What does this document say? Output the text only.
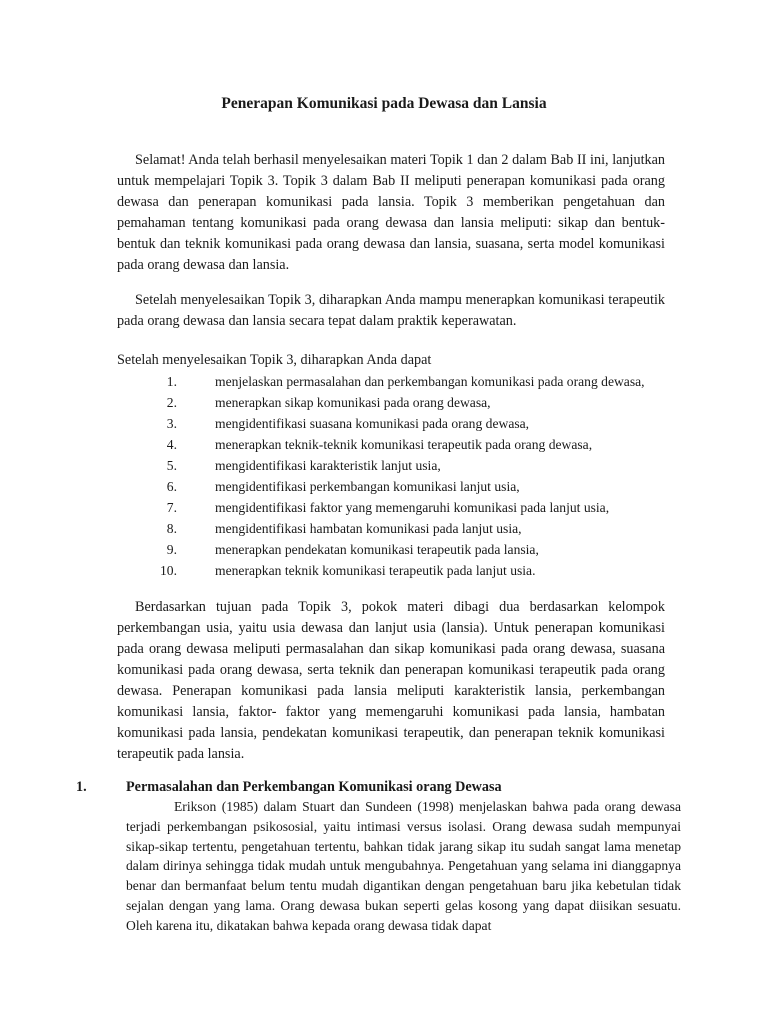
Penerapan Komunikasi pada Dewasa dan Lansia

Selamat! Anda telah berhasil menyelesaikan materi Topik 1 dan 2 dalam Bab II ini, lanjutkan untuk mempelajari Topik 3. Topik 3 dalam Bab II meliputi penerapan komunikasi pada orang dewasa dan penerapan komunikasi pada lansia. Topik 3 memberikan pengetahuan dan pemahaman tentang komunikasi pada orang dewasa dan lansia meliputi: sikap dan bentuk-bentuk dan teknik komunikasi pada orang dewasa dan lansia, suasana, serta model komunikasi pada orang dewasa dan lansia.

Setelah menyelesaikan Topik 3, diharapkan Anda mampu menerapkan komunikasi terapeutik pada orang dewasa dan lansia secara tepat dalam praktik keperawatan.

Setelah menyelesaikan Topik 3, diharapkan Anda dapat

1.	menjelaskan permasalahan dan perkembangan komunikasi pada orang dewasa,
2.	menerapkan sikap komunikasi pada orang dewasa,
3.	mengidentifikasi suasana komunikasi pada orang dewasa,
4.	menerapkan teknik-teknik komunikasi terapeutik pada orang dewasa,
5.	mengidentifikasi karakteristik lanjut usia,
6.	mengidentifikasi perkembangan komunikasi lanjut usia,
7.	mengidentifikasi faktor yang memengaruhi komunikasi pada lanjut usia,
8.	mengidentifikasi hambatan komunikasi pada lanjut usia,
9.	menerapkan pendekatan komunikasi terapeutik pada lansia,
10.	menerapkan teknik komunikasi terapeutik pada lanjut usia.

Berdasarkan tujuan pada Topik 3, pokok materi dibagi dua berdasarkan kelompok perkembangan usia, yaitu usia dewasa dan lanjut usia (lansia). Untuk penerapan komunikasi pada orang dewasa meliputi permasalahan dan sikap komunikasi pada orang dewasa, suasana komunikasi pada orang dewasa, serta teknik dan penerapan komunikasi terapeutik pada orang dewasa. Penerapan komunikasi pada lansia meliputi karakteristik lansia, perkembangan komunikasi lansia, faktor- faktor yang memengaruhi komunikasi pada lansia, hambatan komunikasi pada lansia, pendekatan komunikasi terapeutik, dan penerapan teknik komunikasi terapeutik pada lansia.

1.	Permasalahan dan Perkembangan Komunikasi orang Dewasa

Erikson (1985) dalam Stuart dan Sundeen (1998) menjelaskan bahwa pada orang dewasa terjadi perkembangan psikososial, yaitu intimasi versus isolasi. Orang dewasa sudah mempunyai sikap-sikap tertentu, pengetahuan tertentu, bahkan tidak jarang sikap itu sudah sangat lama menetap dalam dirinya sehingga tidak mudah untuk mengubahnya. Pengetahuan yang selama ini dianggapnya benar dan bermanfaat belum tentu mudah digantikan dengan pengetahuan baru jika kebetulan tidak sejalan dengan yang lama. Orang dewasa bukan seperti gelas kosong yang dapat diisikan sesuatu. Oleh karena itu, dikatakan bahwa kepada orang dewasa tidak dapat
